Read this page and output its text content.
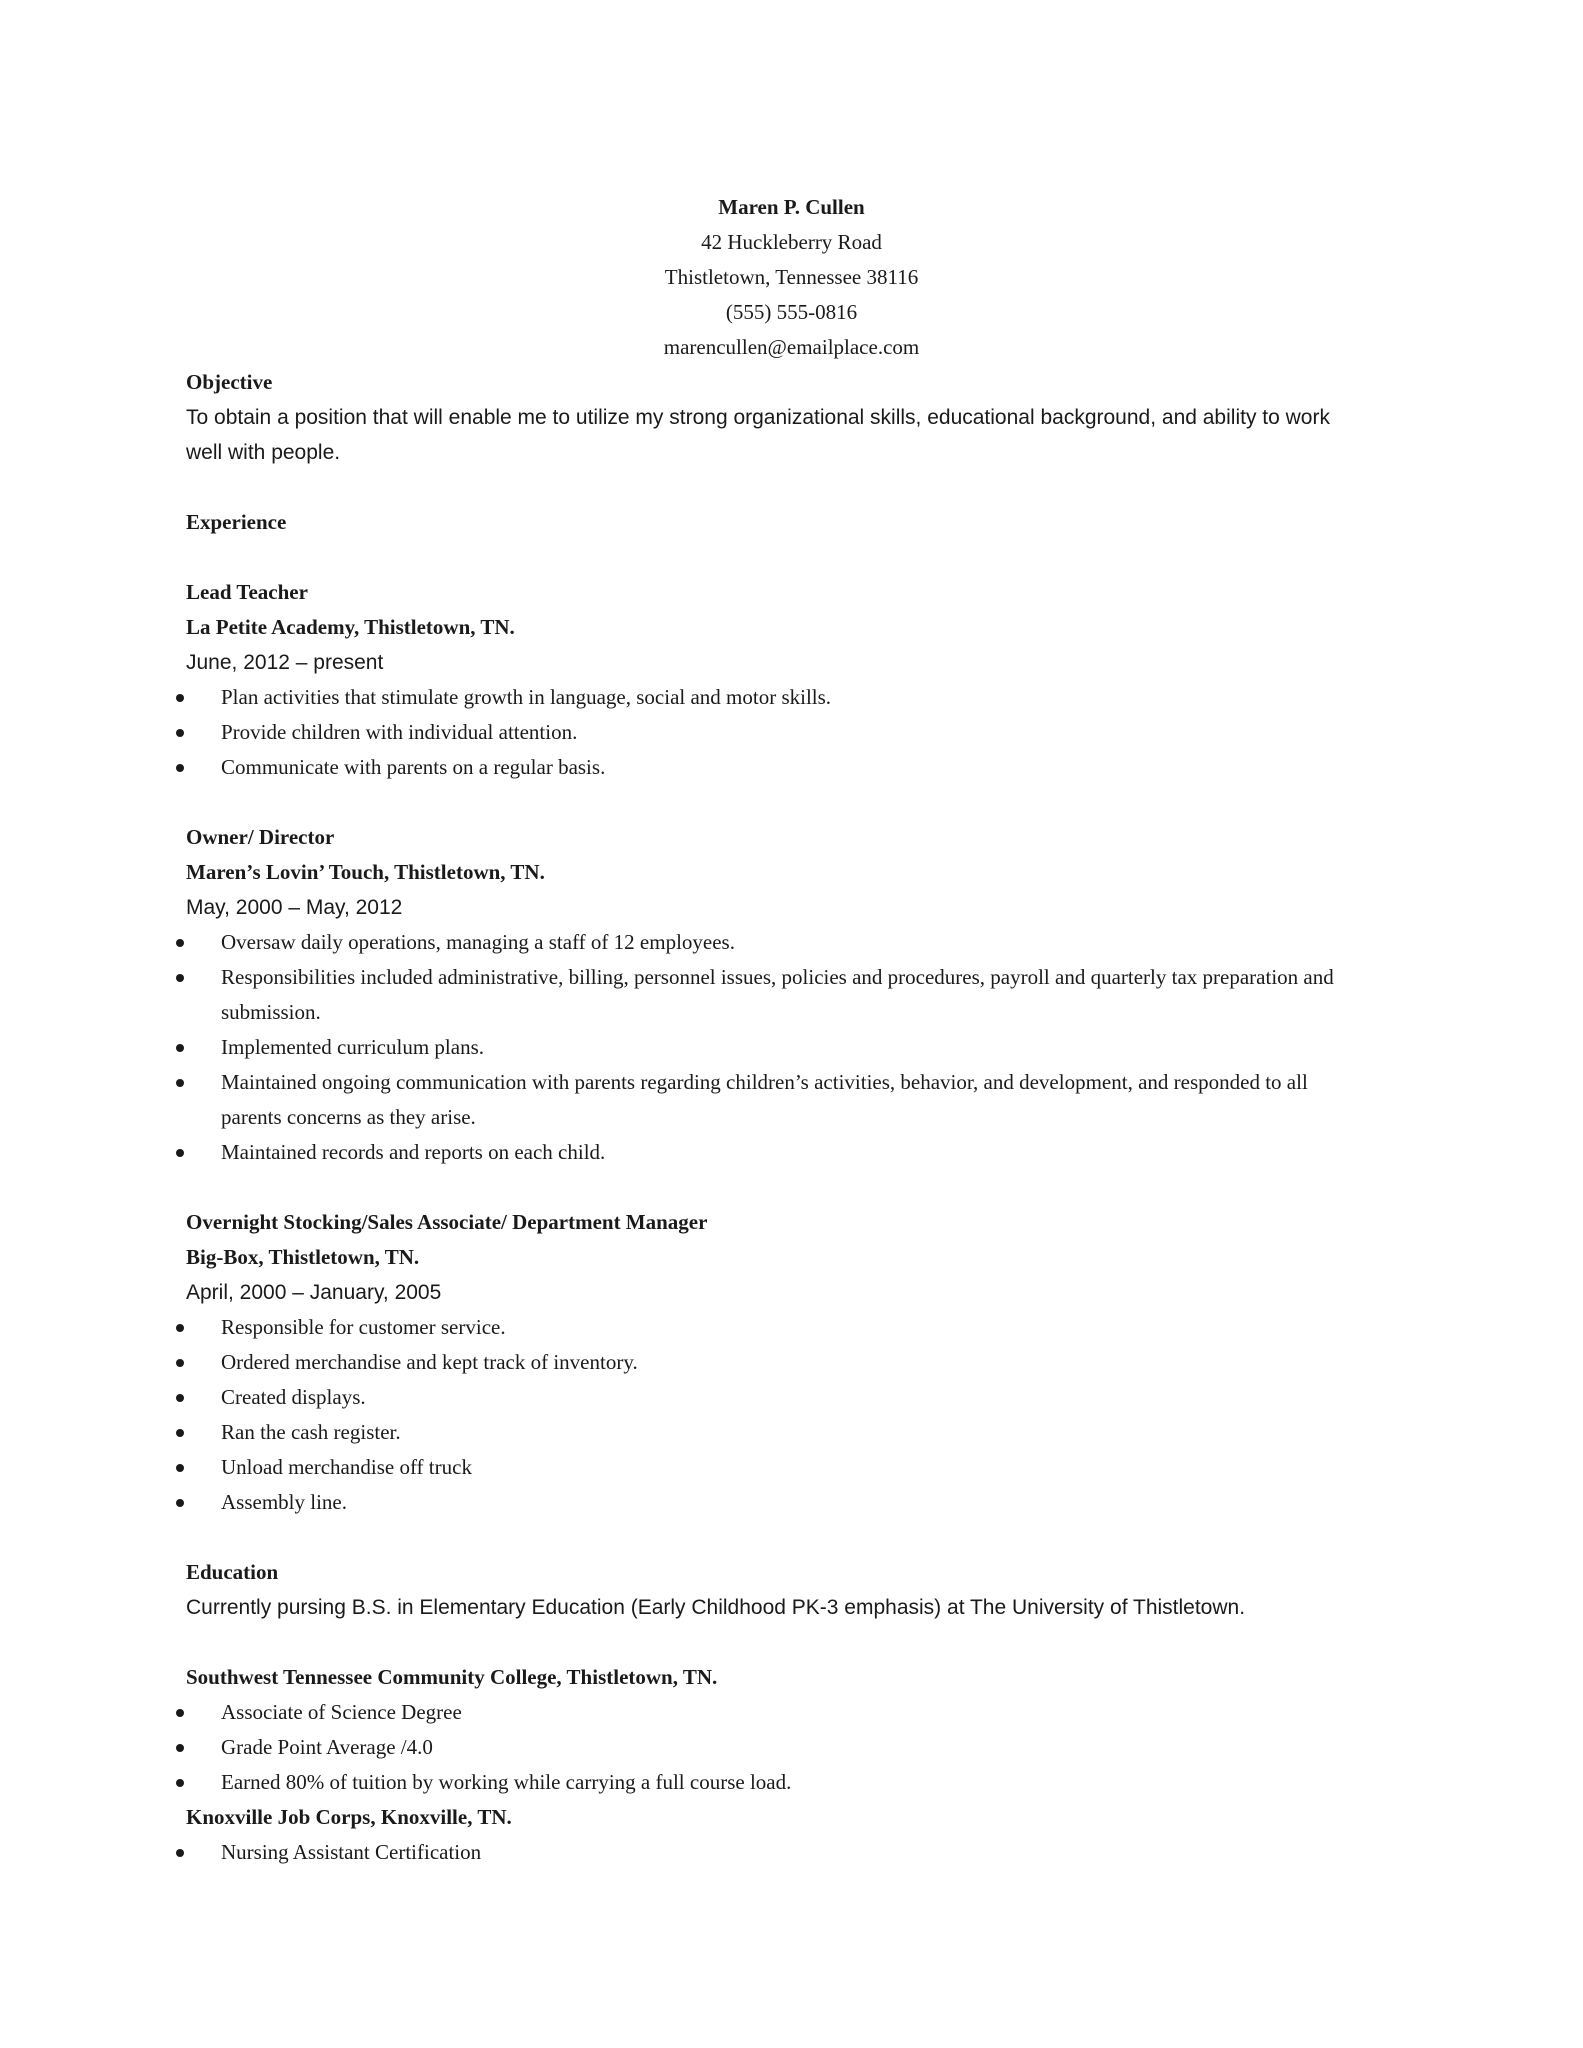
Maren P. Cullen
42 Huckleberry Road
Thistletown, Tennessee 38116
(555) 555-0816
marencullen@emailplace.com
Objective
To obtain a position that will enable me to utilize my strong organizational skills, educational background, and ability to work well with people.
Experience
Lead Teacher
La Petite Academy, Thistletown, TN.
June, 2012 – present
Plan activities that stimulate growth in language, social and motor skills.
Provide children with individual attention.
Communicate with parents on a regular basis.
Owner/ Director
Maren’s Lovin’ Touch, Thistletown, TN.
May, 2000 – May, 2012
Oversaw daily operations, managing a staff of 12 employees.
Responsibilities included administrative, billing, personnel issues, policies and procedures, payroll and quarterly tax preparation and submission.
Implemented curriculum plans.
Maintained ongoing communication with parents regarding children’s activities, behavior, and development, and responded to all parents concerns as they arise.
Maintained records and reports on each child.
Overnight Stocking/Sales Associate/ Department Manager
Big-Box, Thistletown, TN.
April, 2000 – January, 2005
Responsible for customer service.
Ordered merchandise and kept track of inventory.
Created displays.
Ran the cash register.
Unload merchandise off truck
Assembly line.
Education
Currently pursing B.S. in Elementary Education (Early Childhood PK-3 emphasis) at The University of Thistletown.
Southwest Tennessee Community College, Thistletown, TN.
Associate of Science Degree
Grade Point Average /4.0
Earned 80% of tuition by working while carrying a full course load.
Knoxville Job Corps, Knoxville, TN.
Nursing Assistant Certification
